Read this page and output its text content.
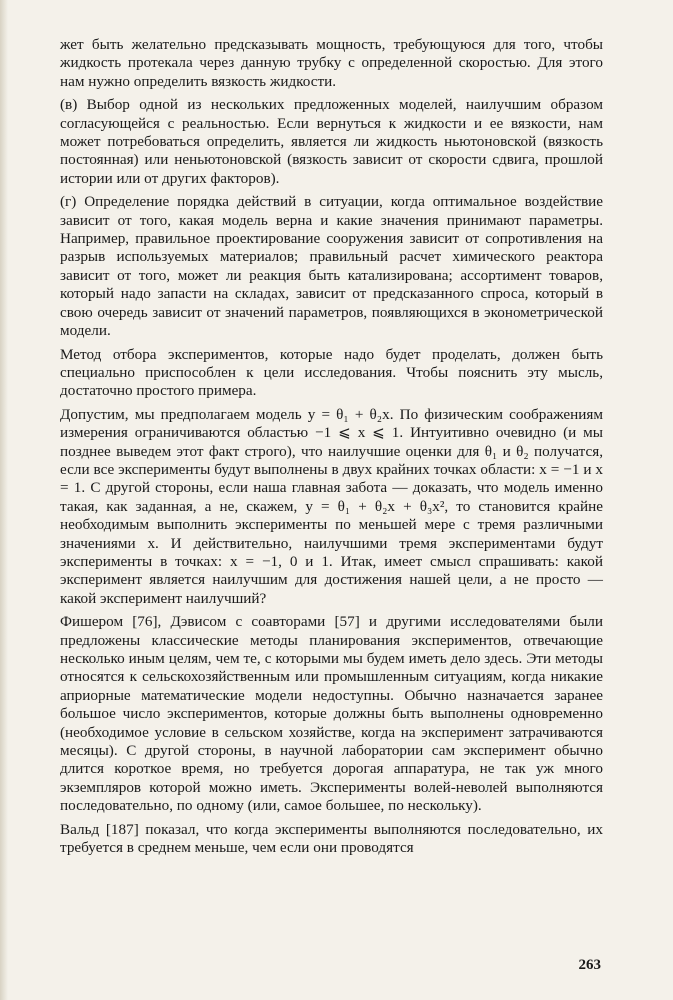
жет быть желательно предсказывать мощность, требующуюся для того, чтобы жидкость протекала через данную трубку с определенной скоростью. Для этого нам нужно определить вязкость жидкости.

(в) Выбор одной из нескольких предложенных моделей, наилучшим образом согласующейся с реальностью. Если вернуться к жидкости и ее вязкости, нам может потребоваться определить, является ли жидкость ньютоновской (вязкость постоянная) или неньютоновской (вязкость зависит от скорости сдвига, прошлой истории или от других факторов).

(г) Определение порядка действий в ситуации, когда оптимальное воздействие зависит от того, какая модель верна и какие значения принимают параметры. Например, правильное проектирование сооружения зависит от сопротивления на разрыв используемых материалов; правильный расчет химического реактора зависит от того, может ли реакция быть катализирована; ассортимент товаров, который надо запасти на складах, зависит от предсказанного спроса, который в свою очередь зависит от значений параметров, появляющихся в эконометрической модели.

Метод отбора экспериментов, которые надо будет проделать, должен быть специально приспособлен к цели исследования. Чтобы пояснить эту мысль, достаточно простого примера.

Допустим, мы предполагаем модель y = θ₁ + θ₂x. По физическим соображениям измерения ограничиваются областью −1 ⩽ x ⩽ 1. Интуитивно очевидно (и мы позднее выведем этот факт строго), что наилучшие оценки для θ₁ и θ₂ получатся, если все эксперименты будут выполнены в двух крайних точках области: x = −1 и x = 1. С другой стороны, если наша главная забота — доказать, что модель именно такая, как заданная, а не, скажем, y = θ₁ + θ₂x + θ₃x², то становится крайне необходимым выполнить эксперименты по меньшей мере с тремя различными значениями x. И действительно, наилучшими тремя экспериментами будут эксперименты в точках: x = −1, 0 и 1. Итак, имеет смысл спрашивать: какой эксперимент является наилучшим для достижения нашей цели, а не просто — какой эксперимент наилучший?

Фишером [76], Дэвисом с соавторами [57] и другими исследователями были предложены классические методы планирования экспериментов, отвечающие несколько иным целям, чем те, с которыми мы будем иметь дело здесь. Эти методы относятся к сельскохозяйственным или промышленным ситуациям, когда никакие априорные математические модели недоступны. Обычно назначается заранее большое число экспериментов, которые должны быть выполнены одновременно (необходимое условие в сельском хозяйстве, когда на эксперимент затрачиваются месяцы). С другой стороны, в научной лаборатории сам эксперимент обычно длится короткое время, но требуется дорогая аппаратура, не так уж много экземпляров которой можно иметь. Эксперименты волей-неволей выполняются последовательно, по одному (или, самое большее, по нескольку).

Вальд [187] показал, что когда эксперименты выполняются последовательно, их требуется в среднем меньше, чем если они проводятся

263
